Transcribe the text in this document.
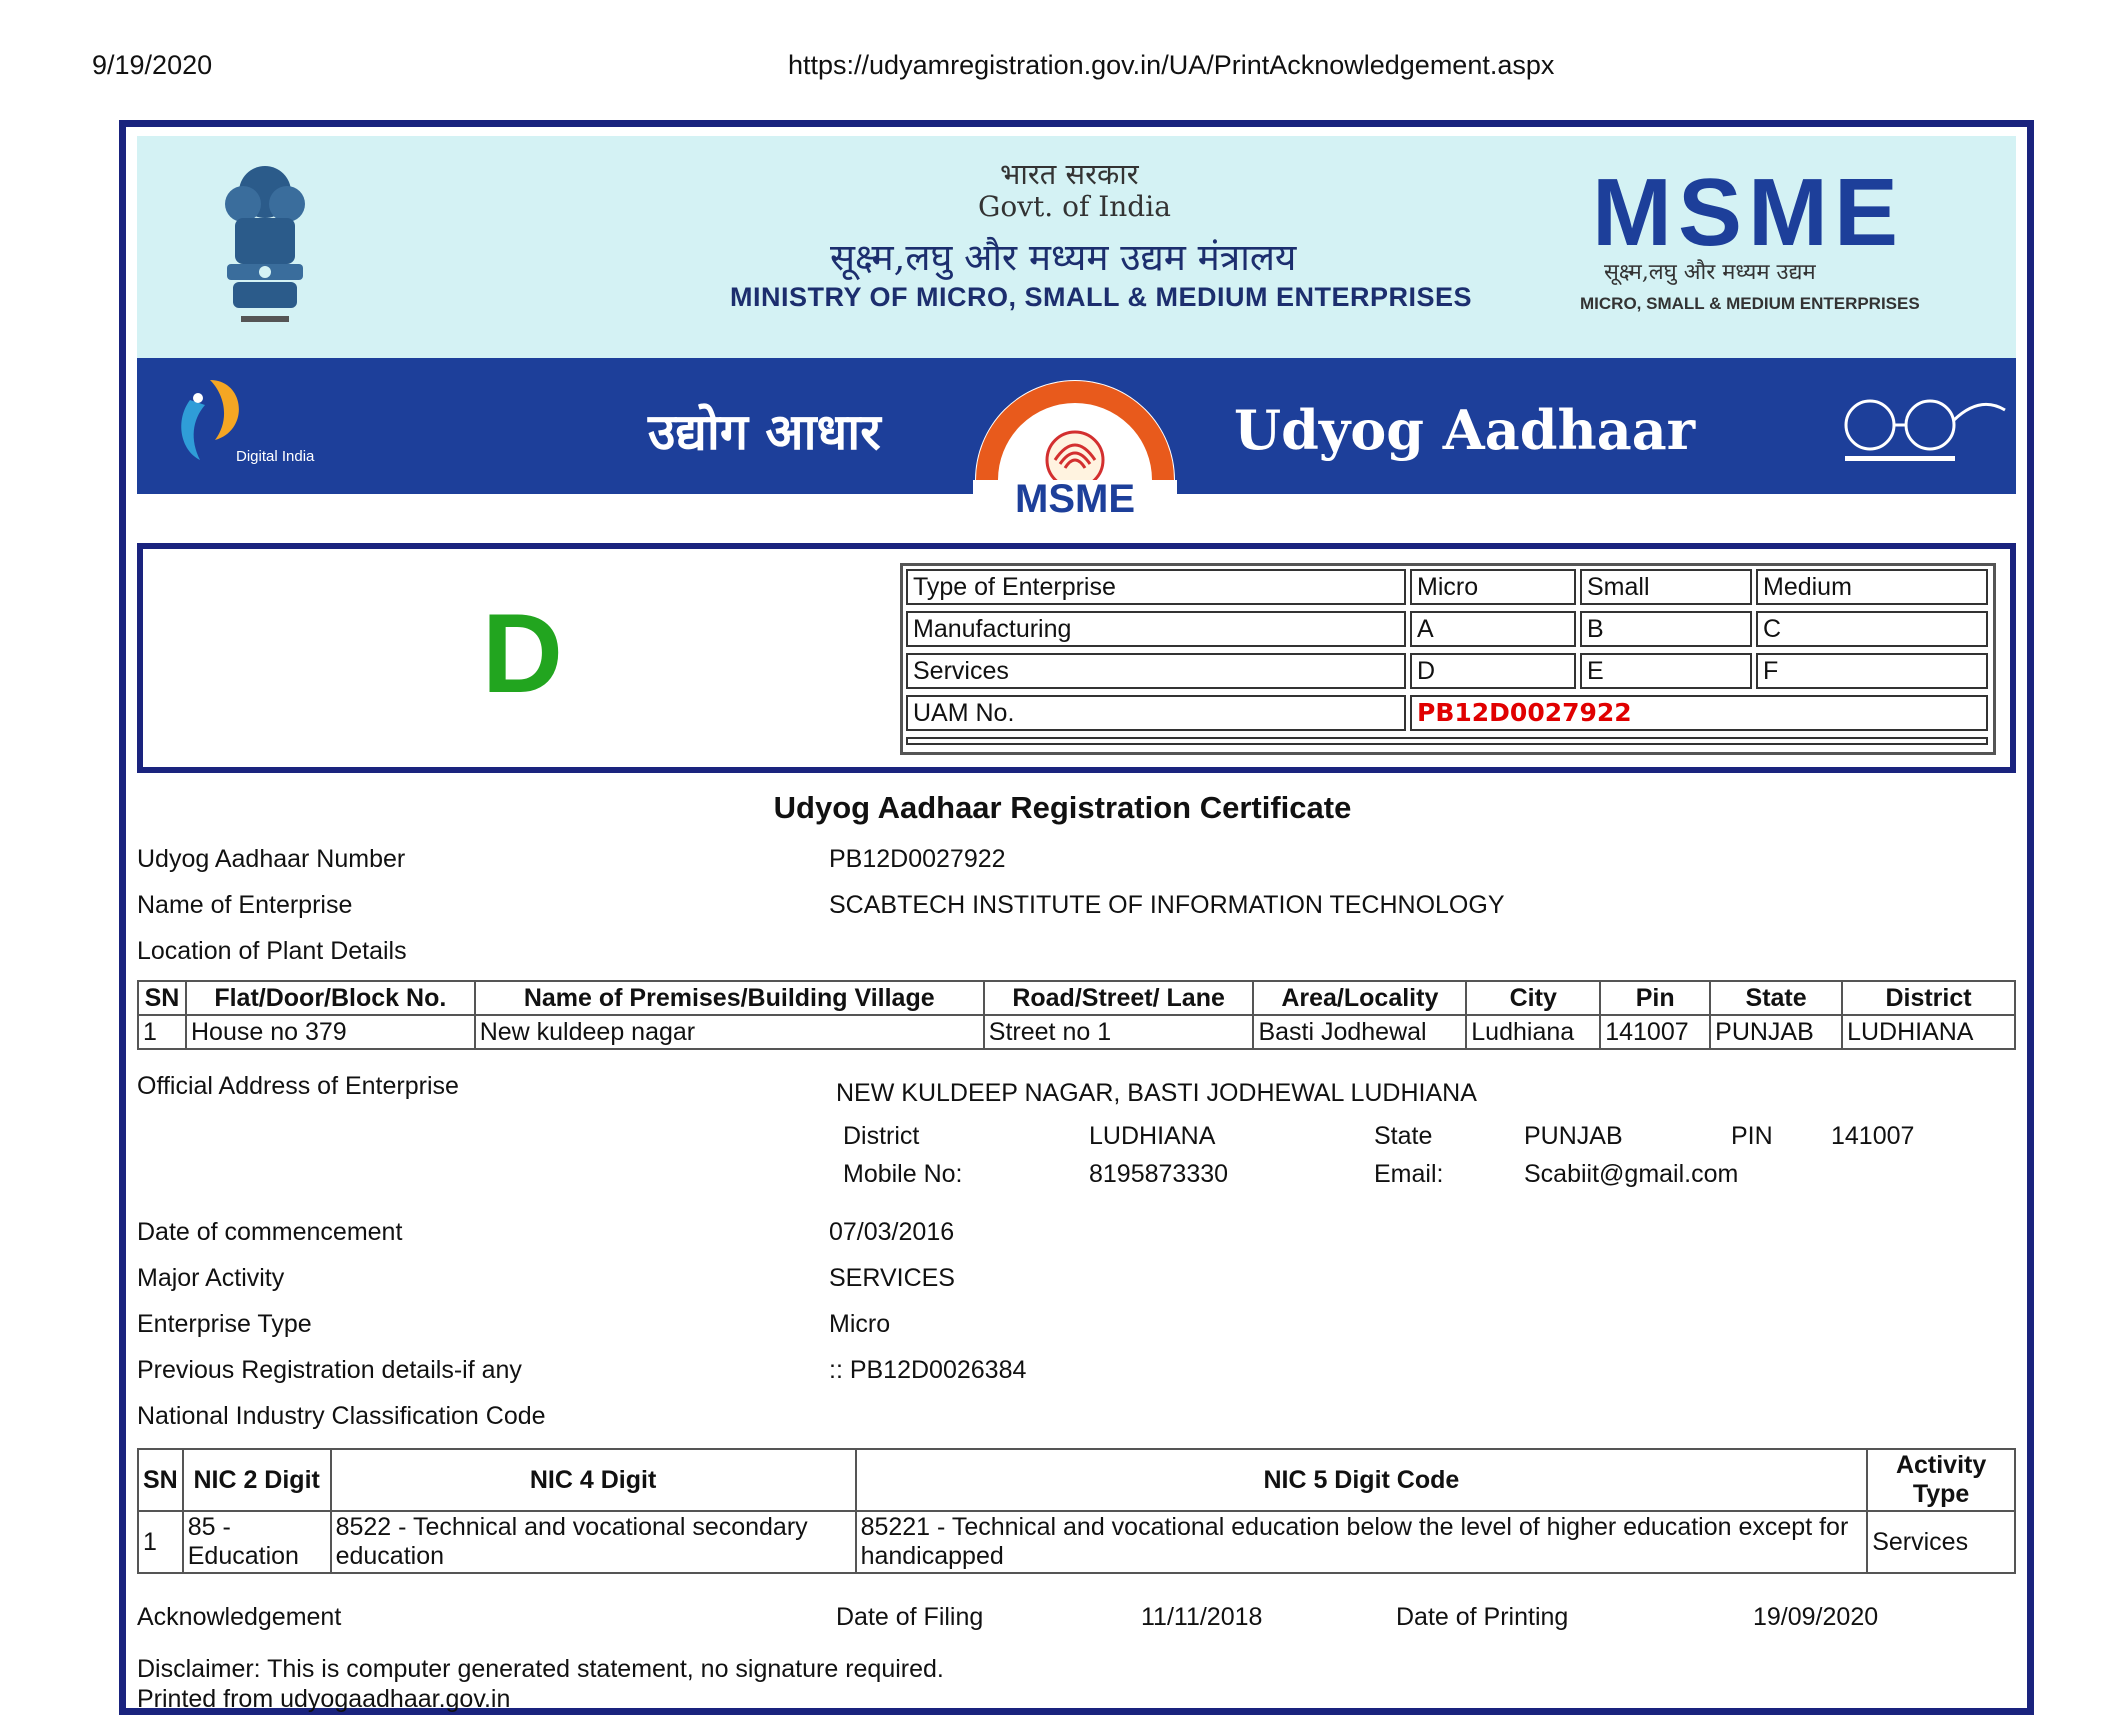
9/19/2020	https://udyamregistration.gov.in/UA/PrintAcknowledgement.aspx
भारत सरकार
Govt. of India
सूक्ष्म,लघु और मध्यम उद्यम मंत्रालय
MINISTRY OF MICRO, SMALL & MEDIUM ENTERPRISES
MSME
सूक्ष्म,लघु और मध्यम उद्यम
MICRO, SMALL & MEDIUM ENTERPRISES
Digital India	उद्योग आधार
MSME
Udyog Aadhaar
D
Type of Enterprise	Micro	Small	Medium
Manufacturing	A	B	C
Services	D	E	F
UAM No.	PB12D0027922
Udyog Aadhaar Registration Certificate
Udyog Aadhaar Number	PB12D0027922
Name of Enterprise	SCABTECH INSTITUTE OF INFORMATION TECHNOLOGY
Location of Plant Details
SN	Flat/Door/Block No.	Name of Premises/Building Village	Road/Street/ Lane	Area/Locality	City	Pin	State	District
1	House no 379	New kuldeep nagar	Street no 1	Basti Jodhewal	Ludhiana	141007	PUNJAB	LUDHIANA
Official Address of Enterprise	NEW KULDEEP NAGAR, BASTI JODHEWAL LUDHIANA
District	LUDHIANA	State	PUNJAB	PIN 141007
Mobile No:	8195873330	Email:	Scabiit@gmail.com
Date of commencement	07/03/2016
Major Activity	SERVICES
Enterprise Type	Micro
Previous Registration details-if any	:: PB12D0026384
National Industry Classification Code
SN	NIC 2 Digit	NIC 4 Digit	NIC 5 Digit Code	Activity Type
1	85 - Education	8522 - Technical and vocational secondary education	85221 - Technical and vocational education below the level of higher education except for handicapped	Services
Acknowledgement	Date of Filing	11/11/2018	Date of Printing	19/09/2020
Disclaimer: This is computer generated statement, no signature required.
Printed from udyogaadhaar.gov.in
